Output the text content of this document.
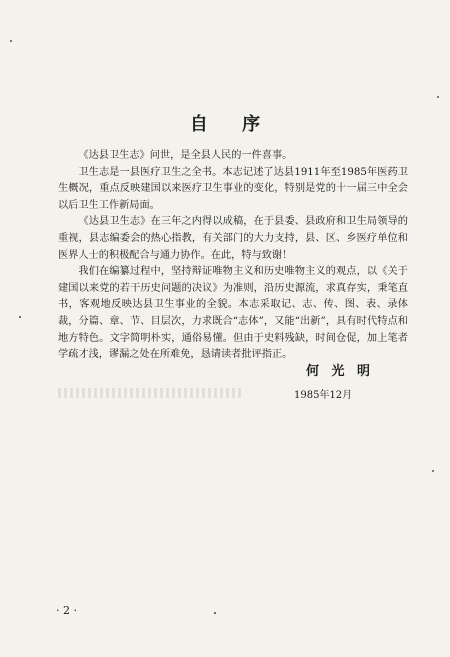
自 序

《达县卫生志》问世，是全县人民的一件喜事。

卫生志是一县医疗卫生之全书。本志记述了达县1911年至1985年医药卫生概况，重点反映建国以来医疗卫生事业的变化，特别是党的十一届三中全会以后卫生工作新局面。

《达县卫生志》在三年之内得以成稿，在于县委、县政府和卫生局领导的重视，县志编委会的热心指教，有关部门的大力支持，县、区、乡医疗单位和医界人士的积极配合与通力协作。在此，特与致谢！

我们在编纂过程中，坚持辩证唯物主义和历史唯物主义的观点，以《关于建国以来党的若干历史问题的决议》为准则，沿历史源流，求真存实，秉笔直书，客观地反映达县卫生事业的全貌。本志采取记、志、传、图、表、录体裁，分篇、章、节、目层次，力求既合“志体”，又能“出新”，具有时代特点和地方特色。文字简明朴实，通俗易懂。但由于史料残缺，时间仓促，加上笔者学疏才浅，谬漏之处在所难免，恳请读者批评指正。

何 光 明
1985年12月
· 2 ·
